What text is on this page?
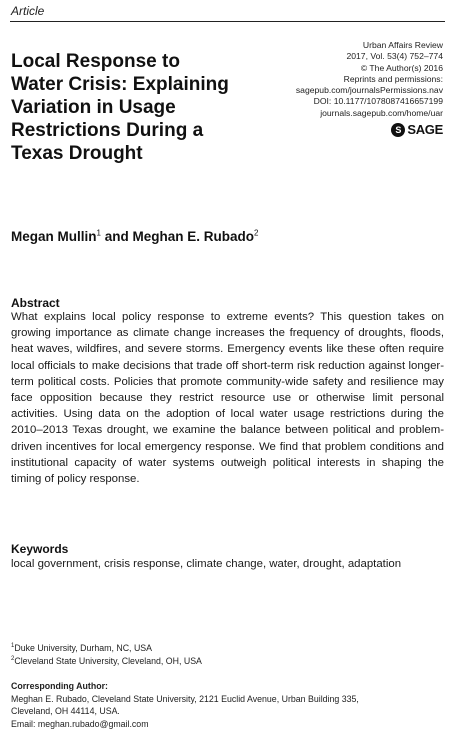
Article
Local Response to
Water Crisis: Explaining
Variation in Usage
Restrictions During a
Texas Drought
Urban Affairs Review
2017, Vol. 53(4) 752–774
© The Author(s) 2016
Reprints and permissions:
sagepub.com/journalsPermissions.nav
DOI: 10.1177/1078087416657199
journals.sagepub.com/home/uar
S SAGE
Megan Mullin$^1$ and Meghan E. Rubado$^2$
Abstract
What explains local policy response to extreme events? This question takes on growing importance as climate change increases the frequency of droughts, floods, heat waves, wildfires, and severe storms. Emergency events like these often require local officials to make decisions that trade off short-term risk reduction against longer-term political costs. Policies that promote community-wide safety and resilience may face opposition because they restrict resource use or otherwise limit personal activities. Using data on the adoption of local water usage restrictions during the 2010–2013 Texas drought, we examine the balance between political and problem-driven incentives for local emergency response. We find that problem conditions and institutional capacity of water systems outweigh political interests in shaping the timing of policy response.
Keywords
local government, crisis response, climate change, water, drought, adaptation
$^1$Duke University, Durham, NC, USA
$^2$Cleveland State University, Cleveland, OH, USA
Corresponding Author:
Meghan E. Rubado, Cleveland State University, 2121 Euclid Avenue, Urban Building 335,
Cleveland, OH 44114, USA.
Email: meghan.rubado@gmail.com
